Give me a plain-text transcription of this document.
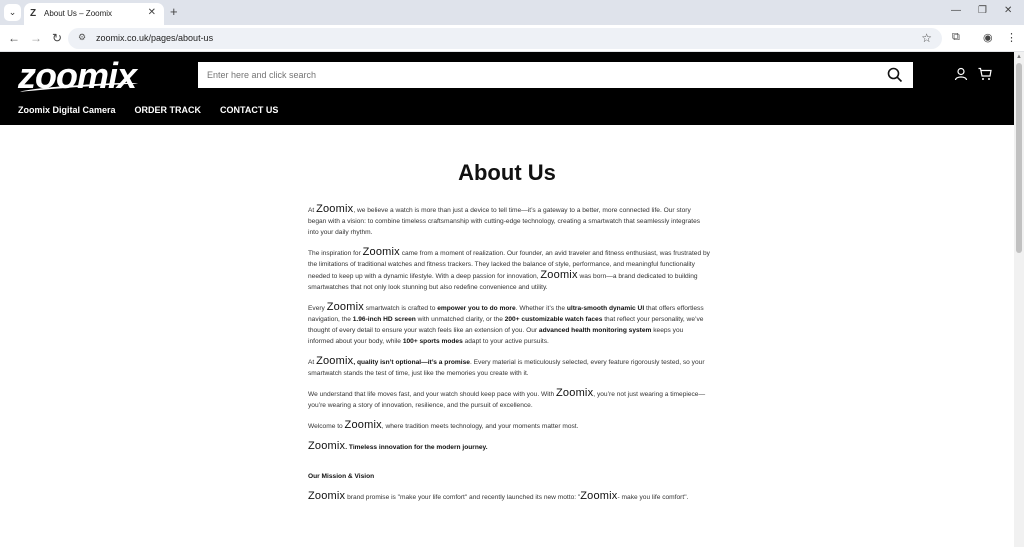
⌄	Z About Us – Zoomix	✕ +	— ❐ ✕
← → ↻ ⚙ zoomix.co.uk/pages/about-us	☆ ⧉ ◉ ⋮
▲
zoomix
Enter here and click search
Zoomix Digital Camera ORDER TRACK CONTACT US
About Us

At Zoomix, we believe a watch is more than just a device to tell time—it’s a gateway to a better, more connected life. Our story began with a vision: to combine timeless craftsmanship with cutting-edge technology, creating a smartwatch that seamlessly integrates into your daily rhythm.

The inspiration for Zoomix came from a moment of realization. Our founder, an avid traveler and fitness enthusiast, was frustrated by the limitations of traditional watches and fitness trackers. They lacked the balance of style, performance, and meaningful functionality needed to keep up with a dynamic lifestyle. With a deep passion for innovation, Zoomix was born—a brand dedicated to building smartwatches that not only look stunning but also redefine convenience and utility.

Every Zoomix smartwatch is crafted to empower you to do more. Whether it’s the ultra-smooth dynamic UI that offers effortless navigation, the 1.96-inch HD screen with unmatched clarity, or the 200+ customizable watch faces that reflect your personality, we’ve thought of every detail to ensure your watch feels like an extension of you. Our advanced health monitoring system keeps you informed about your body, while 100+ sports modes adapt to your active pursuits.

At Zoomix, quality isn’t optional—it’s a promise. Every material is meticulously selected, every feature rigorously tested, so your smartwatch stands the test of time, just like the memories you create with it.

We understand that life moves fast, and your watch should keep pace with you. With Zoomix, you’re not just wearing a timepiece—you’re wearing a story of innovation, resilience, and the pursuit of excellence.

Welcome to Zoomix, where tradition meets technology, and your moments matter most.

Zoomix. Timeless innovation for the modern journey.

Our Mission & Vision

Zoomix brand promise is "make your life comfort" and recently launched its new motto: "Zoomix- make you life comfort".
